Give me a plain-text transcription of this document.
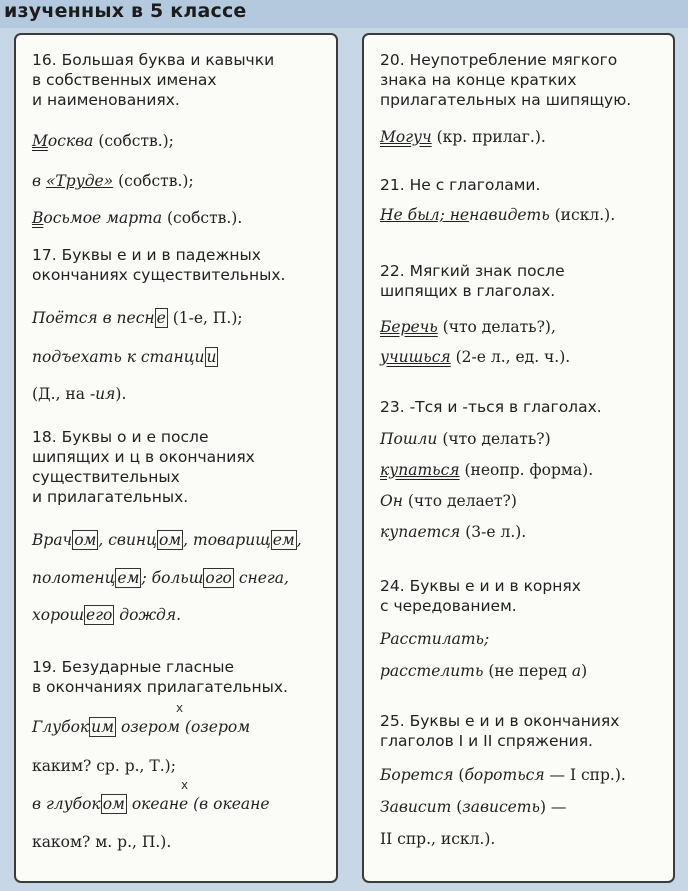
изученных в 5 классе
16. Большая буква и кавычки
в собственных именах
и наименованиях.
Москва (собств.);
в «Труде» (собств.);
Восьмое марта (собств.).
17. Буквы е и и в падежных
окончаниях существительных.
Поётся в песн е (1-е, П.);
подъехать к станци и
(Д., на -ия).
18. Буквы о и е после
шипящих и ц в окончаниях
существительных
и прилагательных.
Врач ом , свинц ом , товарищ ем ,
полотенц ем ; больш ого снега,
хорош его дождя.
19. Безударные гласные
в окончаниях прилагательных.
x
Глубок им озером (озером
каким? ср. р., Т.);
x
в глубок ом океане (в океане
каком? м. р., П.).
20. Неупотребление мягкого
знака на конце кратких
прилагательных на шипящую.
Могуч (кр. прилаг.).
21. Не с глаголами.
Не был; ненавидеть (искл.).
22. Мягкий знак после
шипящих в глаголах.
Беречь (что делать?),
учишься (2-е л., ед. ч.).
23. -Тся и -ться в глаголах.
Пошли (что делать?)
купаться (неопр. форма).
Он (что делает?)
купается (3-е л.).
24. Буквы е и и в корнях
с чередованием.
Расстилать;
расстелить (не перед а)
25. Буквы е и и в окончаниях
глаголов I и II спряжения.
Борется (бороться — I спр.).
Зависит (зависеть) —
II спр., искл.).
